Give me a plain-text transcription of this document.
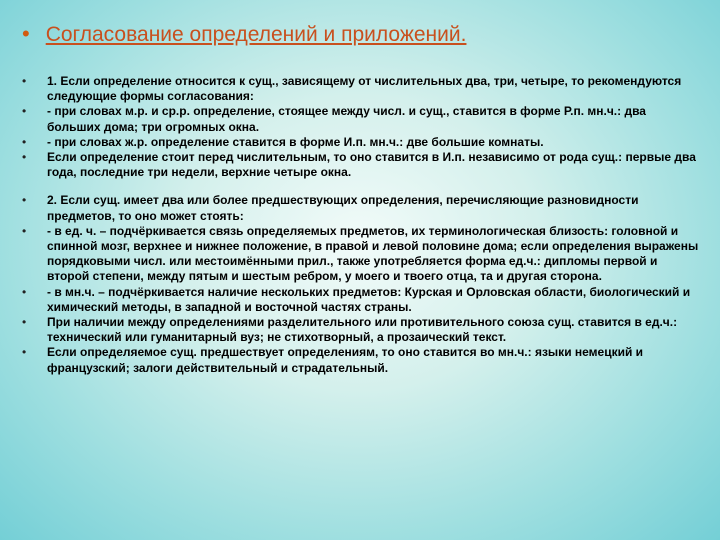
• Согласование определений и приложений.
•	1. Если определение относится к сущ., зависящему от числительных два, три, четыре, то рекомендуются следующие формы согласования:
•	- при словах м.р. и ср.р. определение, стоящее между числ. и сущ., ставится в форме Р.п. мн.ч.: два больших дома; три огромных окна.
•	- при словах ж.р. определение ставится в форме И.п. мн.ч.: две большие комнаты.
•	Если определение стоит перед числительным, то оно ставится в И.п. независимо от рода сущ.: первые два года, последние три недели, верхние четыре окна.
•	2. Если сущ. имеет два или более предшествующих определения, перечисляющие разновидности предметов, то оно может стоять:
•	- в ед. ч. – подчёркивается связь определяемых предметов, их терминологическая близость: головной и спинной мозг, верхнее и нижнее положение, в правой и левой половине дома; если определения выражены порядковыми числ. или местоимёнными прил., также употребляется форма ед.ч.: дипломы первой и второй степени, между пятым и шестым ребром, у моего и твоего отца, та и другая сторона.
•	- в мн.ч. – подчёркивается наличие нескольких предметов: Курская и Орловская области, биологический и химический методы, в западной и восточной частях страны.
•	При наличии между определениями разделительного или противительного союза сущ. ставится в ед.ч.: технический или гуманитарный вуз; не стихотворный, а прозаический текст.
•	Если определяемое сущ. предшествует определениям, то оно ставится во мн.ч.: языки немецкий и французский; залоги действительный и страдательный.
